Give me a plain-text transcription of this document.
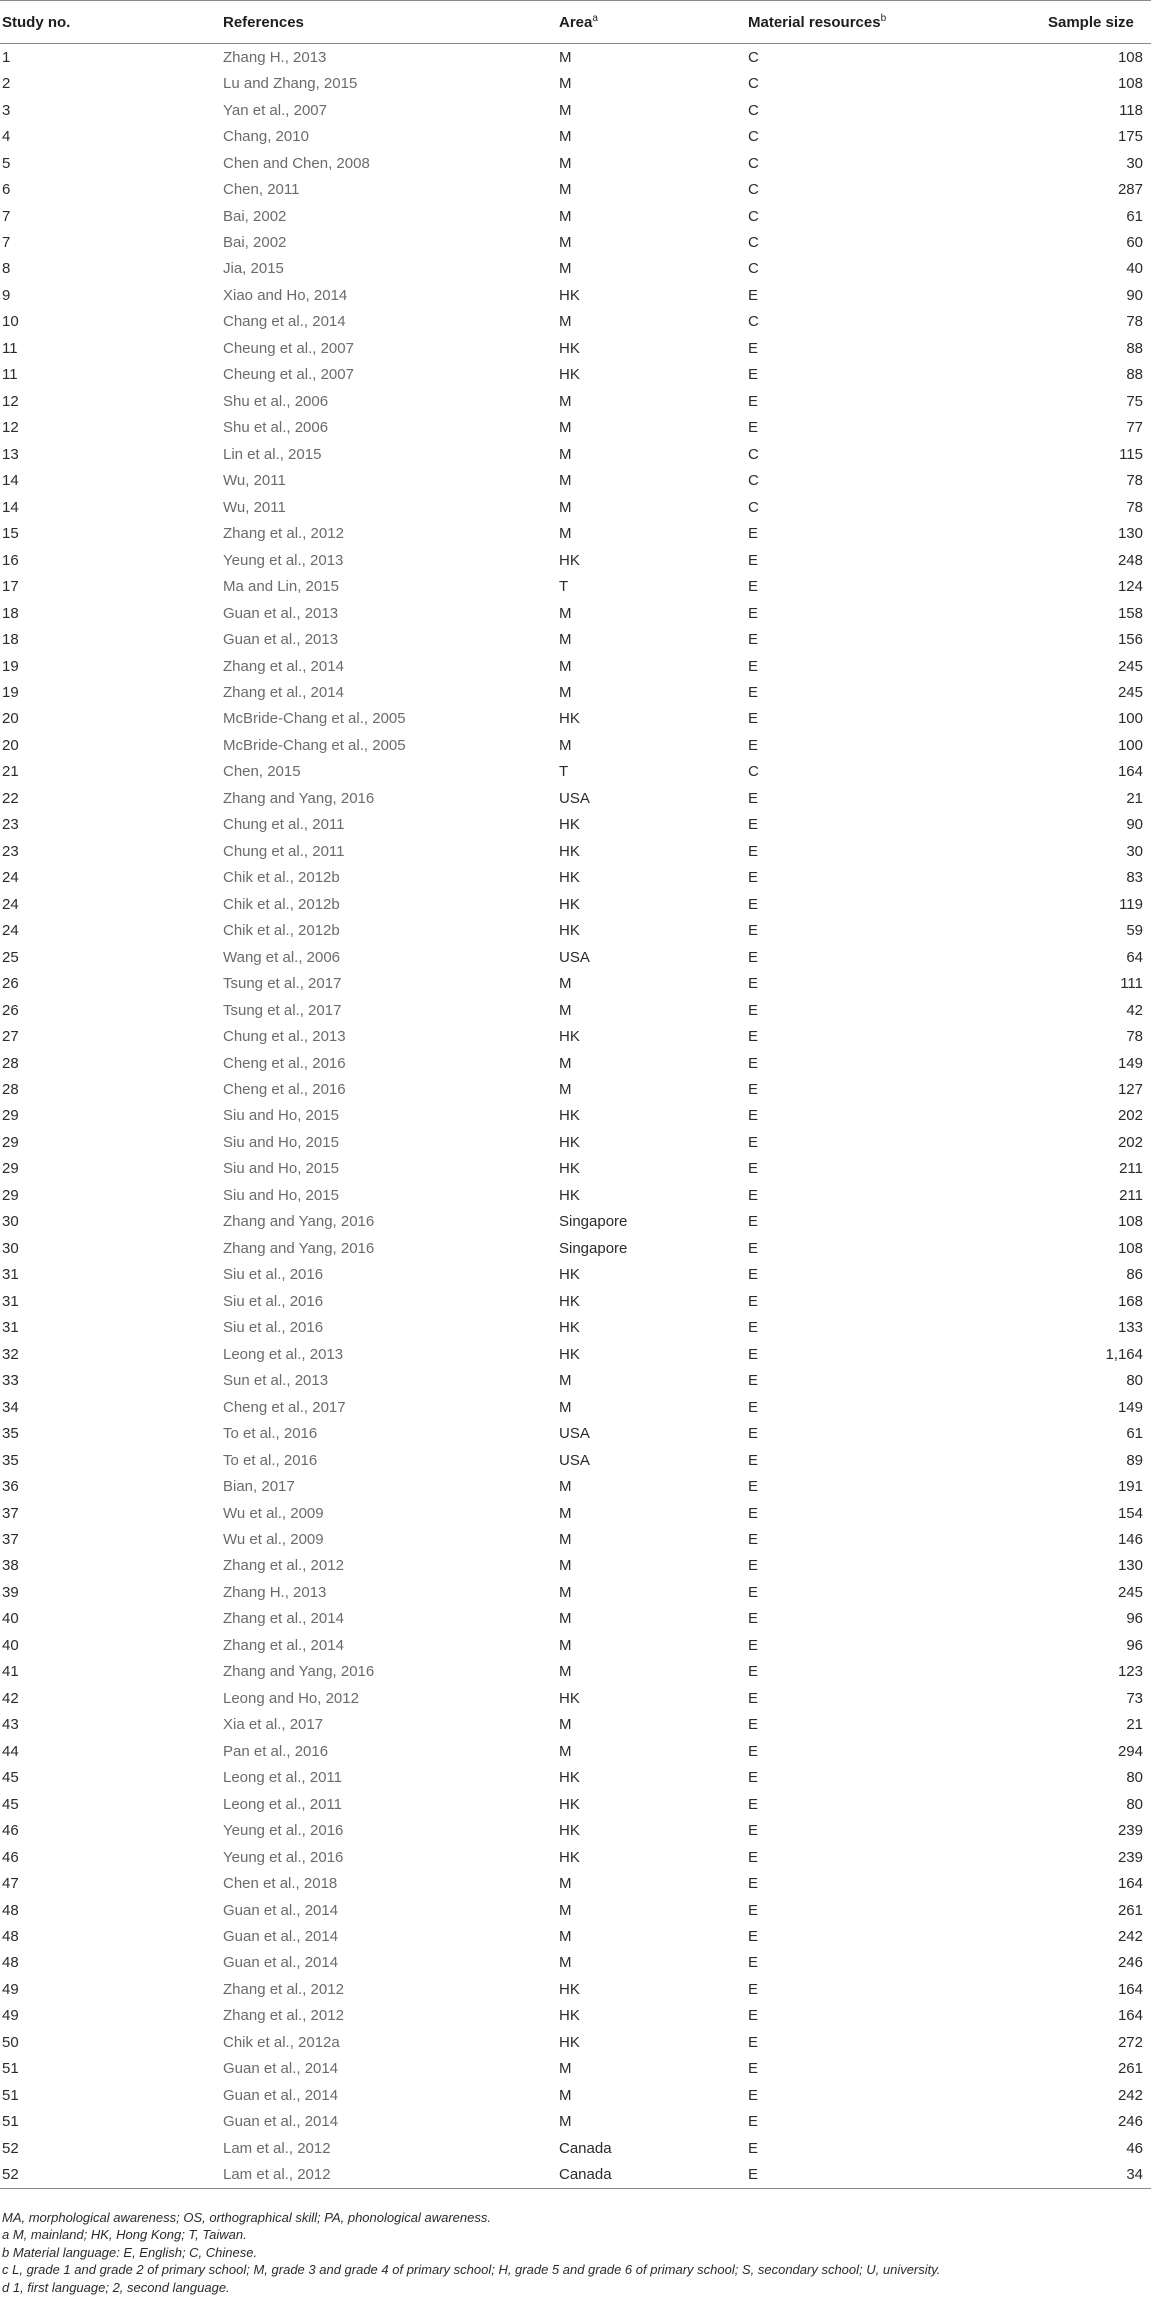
Study no.	References	Area$^a$	Material resources$^b$	Sample size
1	Zhang H., 2013	M	C	108
2	Lu and Zhang, 2015	M	C	108
3	Yan et al., 2007	M	C	118
4	Chang, 2010	M	C	175
5	Chen and Chen, 2008	M	C	30
6	Chen, 2011	M	C	287
7	Bai, 2002	M	C	61
7	Bai, 2002	M	C	60
8	Jia, 2015	M	C	40
9	Xiao and Ho, 2014	HK	E	90
10	Chang et al., 2014	M	C	78
11	Cheung et al., 2007	HK	E	88
11	Cheung et al., 2007	HK	E	88
12	Shu et al., 2006	M	E	75
12	Shu et al., 2006	M	E	77
13	Lin et al., 2015	M	C	115
14	Wu, 2011	M	C	78
14	Wu, 2011	M	C	78
15	Zhang et al., 2012	M	E	130
16	Yeung et al., 2013	HK	E	248
17	Ma and Lin, 2015	T	E	124
18	Guan et al., 2013	M	E	158
18	Guan et al., 2013	M	E	156
19	Zhang et al., 2014	M	E	245
19	Zhang et al., 2014	M	E	245
20	McBride-Chang et al., 2005	HK	E	100
20	McBride-Chang et al., 2005	M	E	100
21	Chen, 2015	T	C	164
22	Zhang and Yang, 2016	USA	E	21
23	Chung et al., 2011	HK	E	90
23	Chung et al., 2011	HK	E	30
24	Chik et al., 2012b	HK	E	83
24	Chik et al., 2012b	HK	E	119
24	Chik et al., 2012b	HK	E	59
25	Wang et al., 2006	USA	E	64
26	Tsung et al., 2017	M	E	111
26	Tsung et al., 2017	M	E	42
27	Chung et al., 2013	HK	E	78
28	Cheng et al., 2016	M	E	149
28	Cheng et al., 2016	M	E	127
29	Siu and Ho, 2015	HK	E	202
29	Siu and Ho, 2015	HK	E	202
29	Siu and Ho, 2015	HK	E	211
29	Siu and Ho, 2015	HK	E	211
30	Zhang and Yang, 2016	Singapore	E	108
30	Zhang and Yang, 2016	Singapore	E	108
31	Siu et al., 2016	HK	E	86
31	Siu et al., 2016	HK	E	168
31	Siu et al., 2016	HK	E	133
32	Leong et al., 2013	HK	E	1,164
33	Sun et al., 2013	M	E	80
34	Cheng et al., 2017	M	E	149
35	To et al., 2016	USA	E	61
35	To et al., 2016	USA	E	89
36	Bian, 2017	M	E	191
37	Wu et al., 2009	M	E	154
37	Wu et al., 2009	M	E	146
38	Zhang et al., 2012	M	E	130
39	Zhang H., 2013	M	E	245
40	Zhang et al., 2014	M	E	96
40	Zhang et al., 2014	M	E	96
41	Zhang and Yang, 2016	M	E	123
42	Leong and Ho, 2012	HK	E	73
43	Xia et al., 2017	M	E	21
44	Pan et al., 2016	M	E	294
45	Leong et al., 2011	HK	E	80
45	Leong et al., 2011	HK	E	80
46	Yeung et al., 2016	HK	E	239
46	Yeung et al., 2016	HK	E	239
47	Chen et al., 2018	M	E	164
48	Guan et al., 2014	M	E	261
48	Guan et al., 2014	M	E	242
48	Guan et al., 2014	M	E	246
49	Zhang et al., 2012	HK	E	164
49	Zhang et al., 2012	HK	E	164
50	Chik et al., 2012a	HK	E	272
51	Guan et al., 2014	M	E	261
51	Guan et al., 2014	M	E	242
51	Guan et al., 2014	M	E	246
52	Lam et al., 2012	Canada	E	46
52	Lam et al., 2012	Canada	E	34
MA, morphological awareness; OS, orthographical skill; PA, phonological awareness.
a M, mainland; HK, Hong Kong; T, Taiwan.
b Material language: E, English; C, Chinese.
c L, grade 1 and grade 2 of primary school; M, grade 3 and grade 4 of primary school; H, grade 5 and grade 6 of primary school; S, secondary school; U, university.
d 1, first language; 2, second language.
